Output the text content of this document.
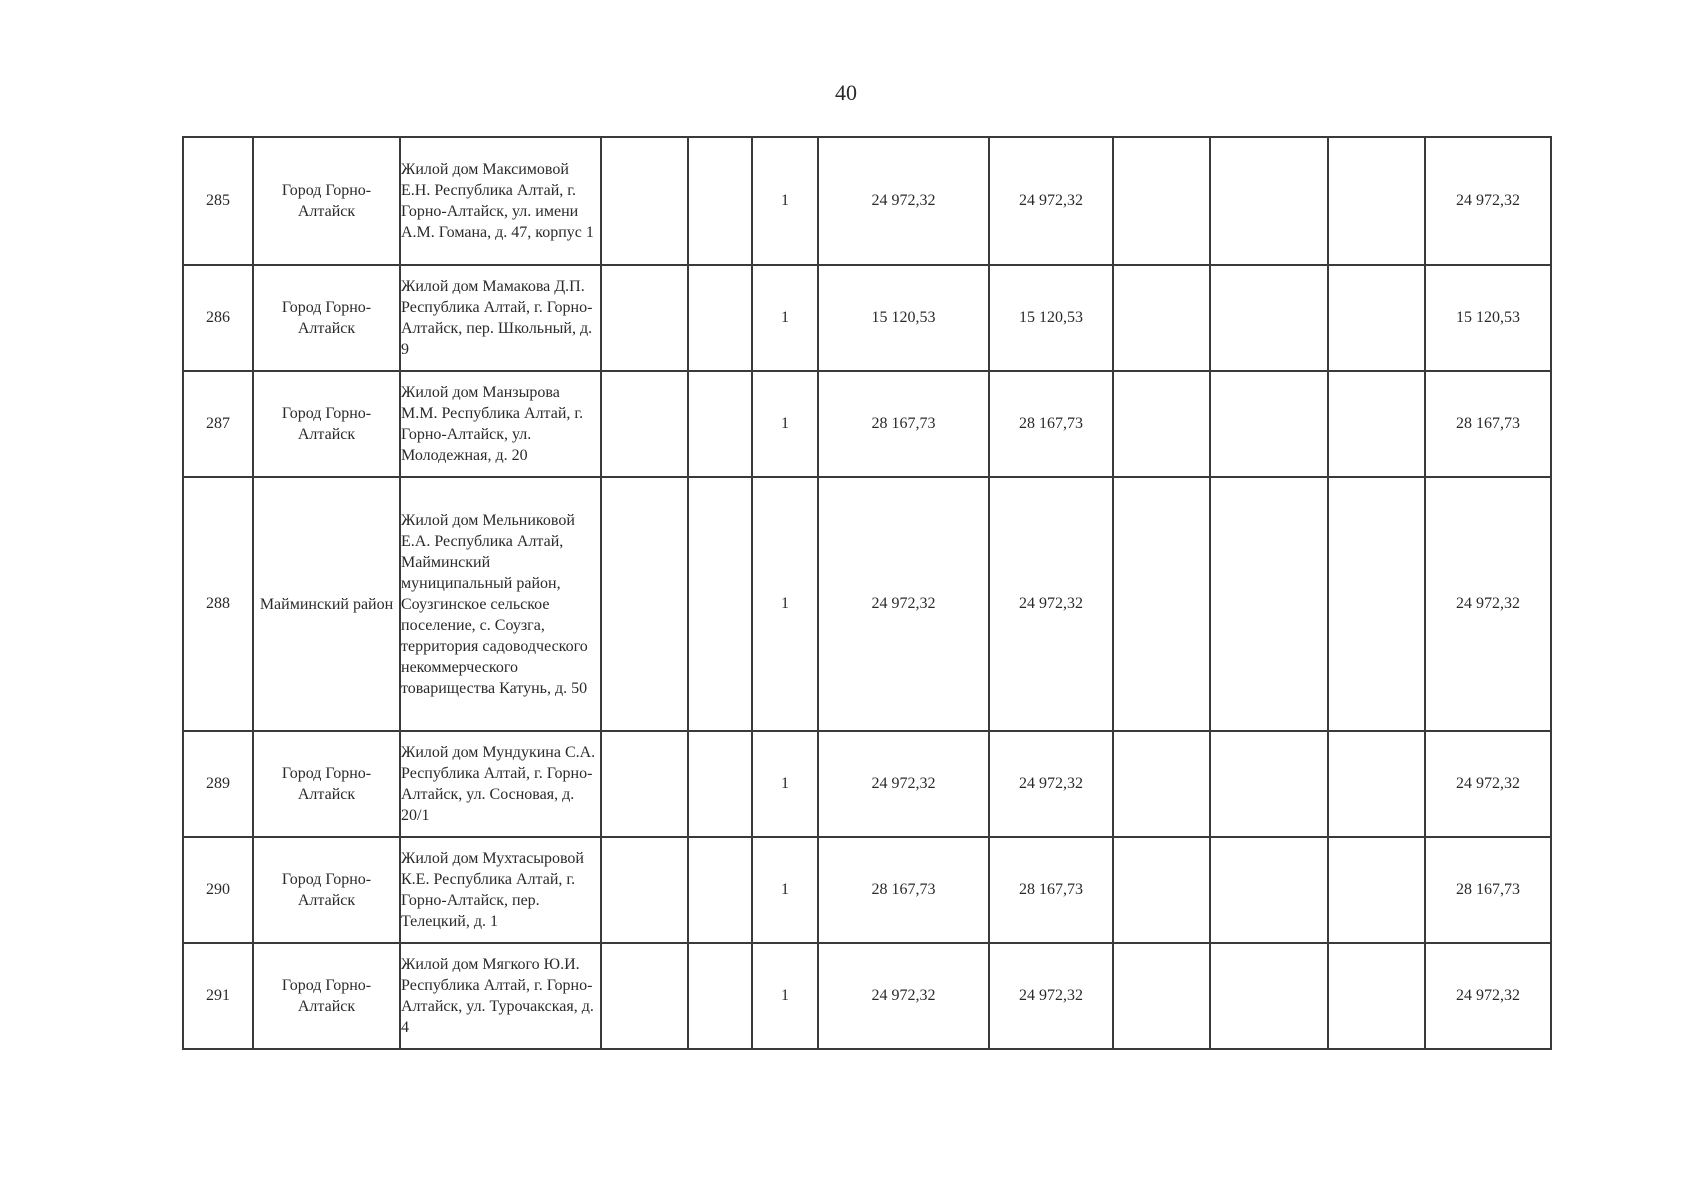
40
285	Город Горно-Алтайск	Жилой дом Максимовой Е.Н. Республика Алтай, г. Горно-Алтайск, ул. имени А.М. Гомана, д. 47, корпус 1			1	24 972,32	24 972,32				24 972,32
286	Город Горно-Алтайск	Жилой дом Мамакова Д.П. Республика Алтай, г. Горно-Алтайск, пер. Школьный, д. 9			1	15 120,53	15 120,53				15 120,53
287	Город Горно-Алтайск	Жилой дом Манзырова М.М. Республика Алтай, г. Горно-Алтайск, ул. Молодежная, д. 20			1	28 167,73	28 167,73				28 167,73
288	Майминский район	Жилой дом Мельниковой Е.А. Республика Алтай, Майминский муниципальный район, Соузгинское сельское поселение, с. Соузга, территория садоводческого некоммерческого товарищества Катунь, д. 50			1	24 972,32	24 972,32				24 972,32
289	Город Горно-Алтайск	Жилой дом Мундукина С.А. Республика Алтай, г. Горно-Алтайск, ул. Сосновая, д. 20/1			1	24 972,32	24 972,32				24 972,32
290	Город Горно-Алтайск	Жилой дом Мухтасыровой К.Е. Республика Алтай, г. Горно-Алтайск, пер. Телецкий, д. 1			1	28 167,73	28 167,73				28 167,73
291	Город Горно-Алтайск	Жилой дом Мягкого Ю.И. Республика Алтай, г. Горно-Алтайск, ул. Турочакская, д. 4			1	24 972,32	24 972,32				24 972,32
